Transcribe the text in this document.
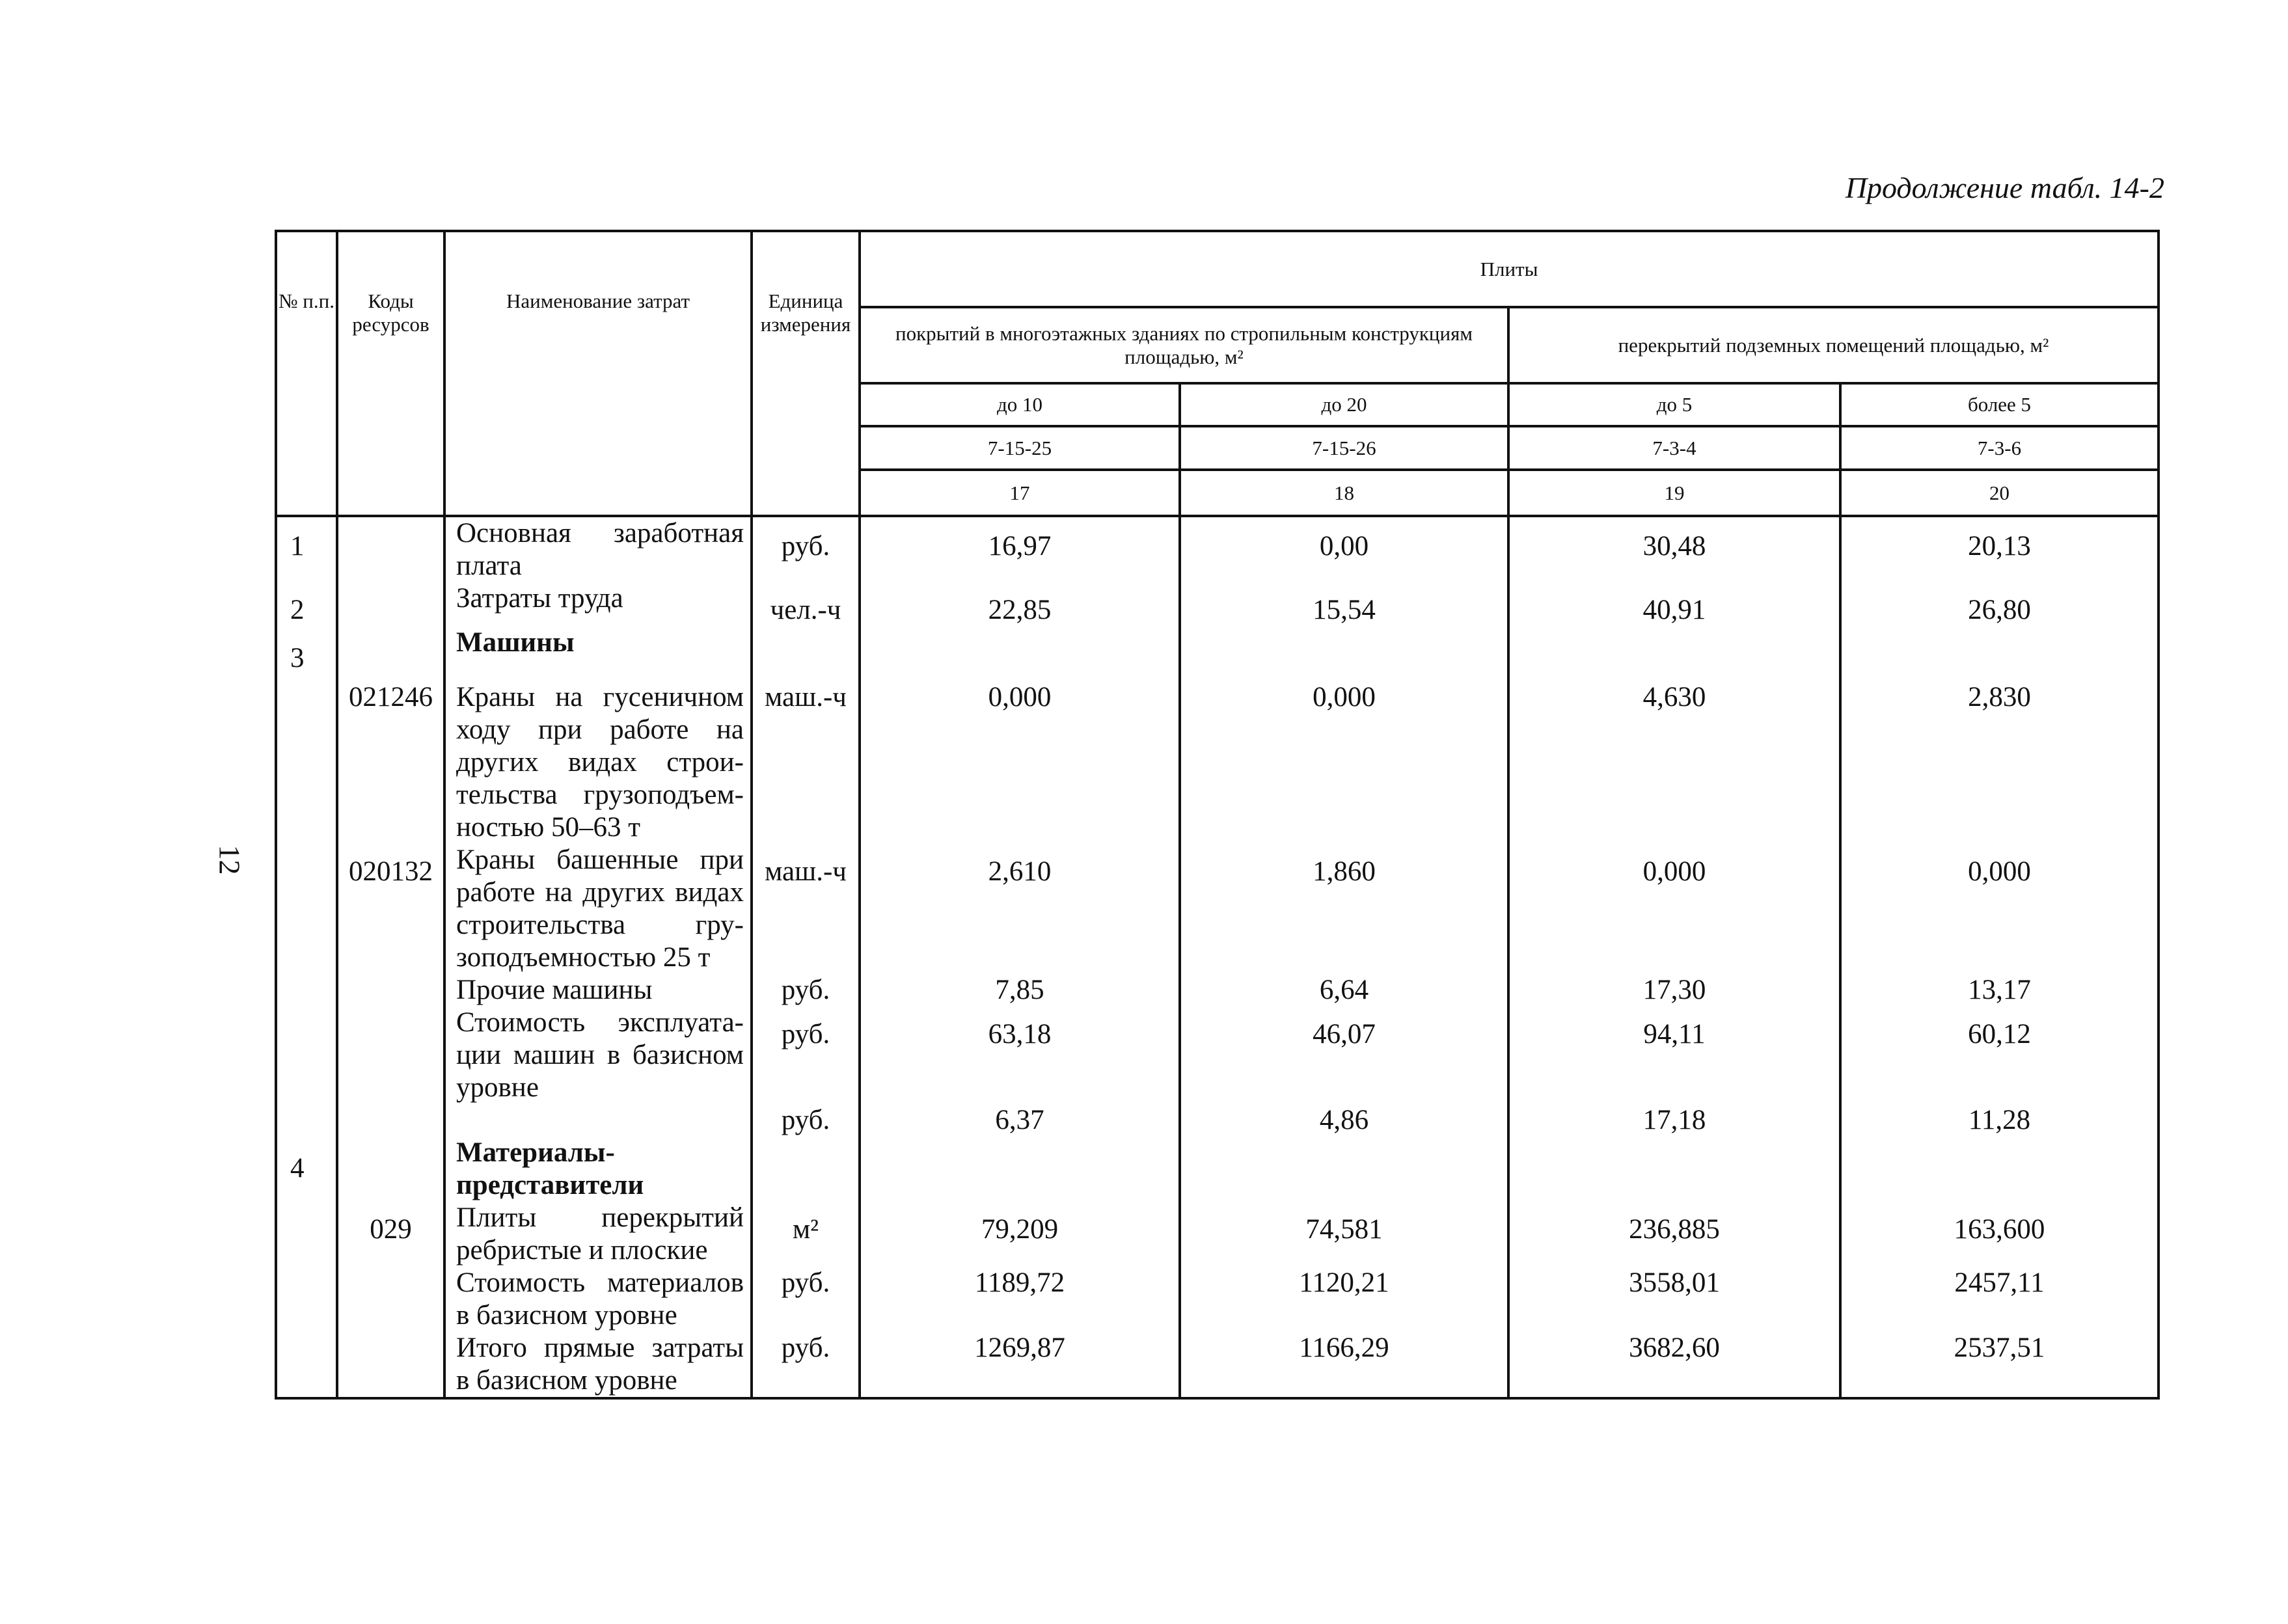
Продолжение табл. 14-2
12
№ п.п.	Коды ресурсов	Наименование затрат	Единица измерения	Плиты			
				покрытий в многоэтажных зданиях по стропильным конструкциям площадью, м²		перекрытий подземных помещений площадью, м²	
				до 10	до 20	до 5	более 5
				7-15-25	7-15-26	7-3-4	7-3-6
				17	18	19	20
1		Основная заработная плата	руб.	16,97	0,00	30,48	20,13
2		Затраты труда	чел.-ч	22,85	15,54	40,91	26,80
3		Машины					
	021246	Краны на гусеничном ходу при работе на других видах строительства грузоподъемностью 50–63 т	маш.-ч	0,000	0,000	4,630	2,830
	020132	Краны башенные при работе на других видах строительства грузоподъемностью 25 т	маш.-ч	2,610	1,860	0,000	0,000
		Прочие машины	руб.	7,85	6,64	17,30	13,17
		Стоимость эксплуатации машин в базисном уровне	руб.	63,18	46,07	94,11	60,12
			руб.	6,37	4,86	17,18	11,28
4		Материалы-представители					
	029	Плиты перекрытий ребристые и плоские	м²	79,209	74,581	236,885	163,600
		Стоимость материалов в базисном уровне	руб.	1189,72	1120,21	3558,01	2457,11
		Итого прямые затраты в базисном уровне	руб.	1269,87	1166,29	3682,60	2537,51
